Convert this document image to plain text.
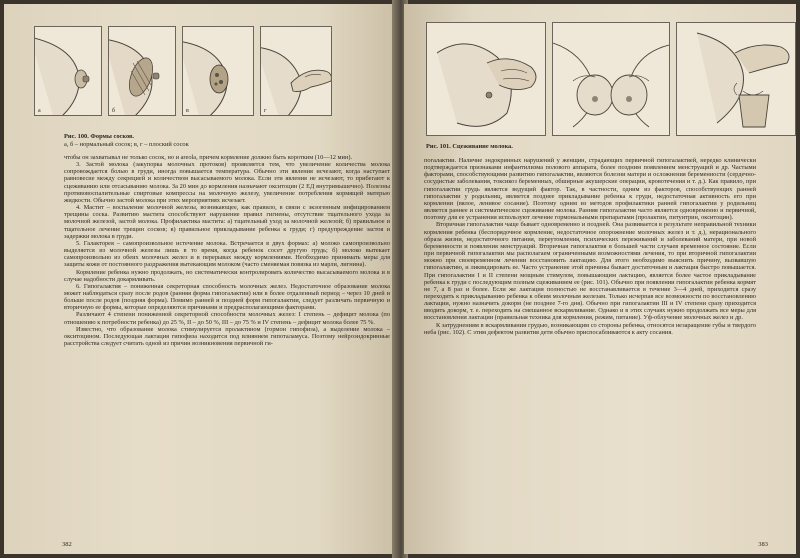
а	б	в	г
Рис. 100. Формы сосков.
а, б – нормальный сосок; в, г – плоский сосок

чтобы он захватывал не только сосок, но и areola, причем кормление должно быть коротким (10—12 мин).

3. Застой молока (закупорка молочных протоков) проявляется тем, что увеличение количества молока сопровождается болью в груди, иногда повышается температура. Обычно эти явления исчезают, когда наступает равновесие между секрецией и количеством высасываемого молока. Если эти явления не исчезают, то прибегают к сцеживанию или отсасыванию молока. За 20 мин до кормления назначают окситоцин (2 ЕД внутримышечно). Полезны противовоспалительные спиртовые компрессы на молочную железу, увеличение потребления кормящей матерью жидкости. Обычно застой молока при этих мероприятиях исчезает.

4. Мастит – воспаление молочной железы, возникающее, как правило, в связи с экзогенным инфицированием трещины соска. Развитию мастита способствуют нарушение правил гигиены, отсутствие тщательного ухода за молочной железой, застой молока. Профилактика мастита: а) тщательный уход за молочной железой; б) правильное и тщательное лечение трещин сосков; в) правильное прикладывание ребенка к груди; г) предупреждение застоя и задержки молока в груди.

5. Галакторея – самопроизвольное истечение молока. Встречается в двух формах: а) молоко самопроизвольно выделяется из молочной железы лишь в то время, когда ребенок сосет другую грудь; б) молоко вытекает самопроизвольно из обеих молочных желез и в перерывах между кормлениями. Необходимо принимать меры для защиты кожи от постоянного раздражения вытекающим молоком (часто сменяемая повязка из марли, лигнина).

Кормление ребенка нужно продолжать, но систематически контролировать количество высасываемого молока и в случае надобности докармливать.

6. Гипогалактия – пониженная секреторная способность молочных желез. Недостаточное образование молока может наблюдаться сразу после родов (ранняя форма гипогалактии) или в более отдаленный период – через 10 дней и больше после родов (поздняя форма). Помимо ранней и поздней форм гипогалактии, следует различать первичную и вторичную ее формы, которые определяются причинами и предрасполагающими факторами.

Различают 4 степени пониженной секреторной способности молочных желез: I степень – дефицит молока (по отношению к потребности ребенка) до 25 %, II – до 50 %, III – до 75 % и IV степень – дефицит молока более 75 %.

Известно, что образование молока стимулируется пролактином (гормон гипофиза), а выделение молока – окситоцином. Последующая лактация гипофиза находится под влиянием гипоталамуса. Поэтому нейроэндокринные расстройства следует считать одной из причин возникновения первичной ги-

382
Рис. 101. Сцеживание молока.

погалактии. Наличие эндокринных нарушений у женщин, страдающих первичной гипогалактией, нередко клинически подтверждается признаками инфантилизма полового аппарата, более поздним появлением менструаций и др. Частыми факторами, способствующими развитию гипогалактии, являются болезни матери и осложнения беременности (сердечно-сосудистые заболевания, токсикоз беременных, обширные акушерские операции, кровотечения и т. д.). Как правило, при гипогалактии грудь является ведущий фактор. Так, в частности, одним из факторов, способствующих ранней гипогалактии у родильниц, является позднее прикладывание ребенка к груди, недостаточная активность его при кормлении (вялое, ленивое сосание). Поэтому одним из методов профилактики ранней гипогалактии у родильниц является раннее и систематическое сцеживание молока. Ранняя гипогалактия часто является одновременно и первичной, поэтому для ее устранения используют лечение гормональными препаратами (пролактин, питуитрин, окситоцин).

Вторичная гипогалактия чаще бывает одновременно и поздней. Она развивается в результате неправильной техники кормления ребенка (беспорядочное кормление, недостаточное опорожнение молочных желез и т. д.), нерационального образа жизни, недостаточного питания, переутомления, психических переживаний и заболеваний матери, при новой беременности и появления менструаций. Вторичная гипогалактия в большей части случаев временное состояние. Если при первичной гипогалактии мы располагаем ограниченными возможностями лечения, то при вторичной гипогалактии можно при своевременном лечении восстановить лактацию. Для этого необходимо выяснить причину, вызвавшую гипогалактию, и ликвидировать ее. Часто устранение этой причины бывает достаточным и лактация быстро повышается. При гипогалактии I и II степени мощным стимулом, повышающим лактацию, является более частое прикладывание ребенка к груди с последующим полным сцеживанием ее (рис. 101). Обычно при появлении гипогалактии ребенка кормят не 7, а 8 раз и более. Если же лактация полностью не восстанавливается в течение 3—4 дней, приходится сразу переходить к прикладыванию ребенка к обеим молочным железам. Только исчерпав все возможности по восстановлению лактации, нужно назначить докорм (не позднее 7-го дня). Обычно при гипогалактии III и IV степени сразу приходится вводить докорм, т. е. переходить на смешанное вскармливание. Однако и в этих случаях нужно продолжать все меры для восстановления лактации (правильная техника для кормления, режим, питание). Уф-облучение молочных желез и др.

К затруднениям в вскармливании грудью, возникающим со стороны ребенка, относятся незаращение губы и твердого неба (рис. 102). С этим дефектом развития дети обычно приспосабливаются к акту сосания.

383
